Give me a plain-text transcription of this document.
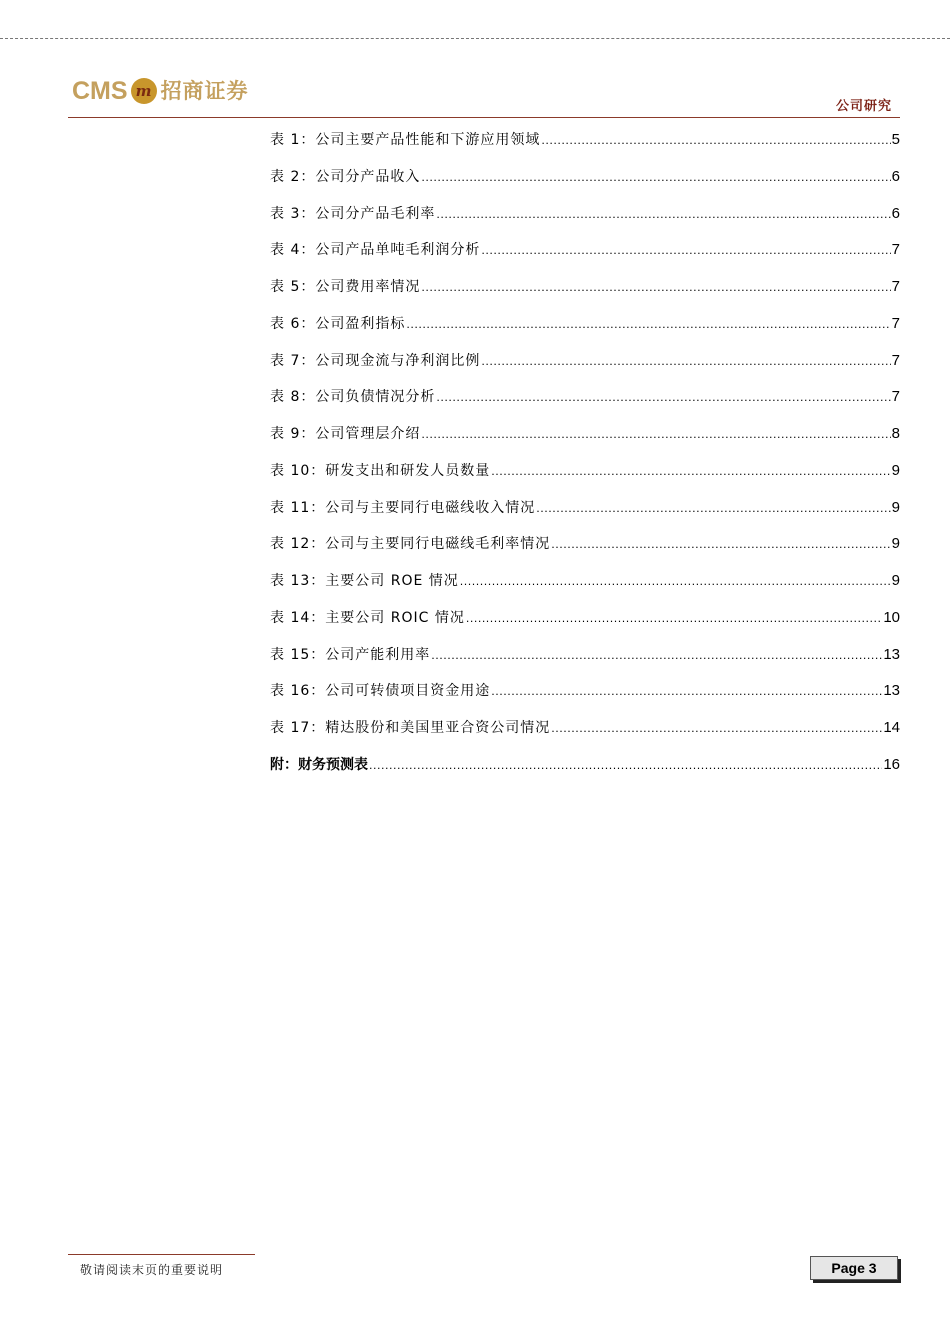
CMS m 招商证券
公司研究
表 1：公司主要产品性能和下游应用领域 .....	5
表 2：公司分产品收入 .....	6
表 3：公司分产品毛利率 .....	6
表 4：公司产品单吨毛利润分析 .....	7
表 5：公司费用率情况 .....	7
表 6：公司盈利指标 .....	7
表 7：公司现金流与净利润比例 .....	7
表 8：公司负债情况分析 .....	7
表 9：公司管理层介绍 .....	8
表 10：研发支出和研发人员数量 .....	9
表 11：公司与主要同行电磁线收入情况 .....	9
表 12：公司与主要同行电磁线毛利率情况 .....	9
表 13：主要公司 ROE 情况 .....	9
表 14：主要公司 ROIC 情况 .....	10
表 15：公司产能利用率 .....	13
表 16：公司可转债项目资金用途 .....	13
表 17：精达股份和美国里亚合资公司情况 .....	14
附：财务预测表 .....	16
敬请阅读末页的重要说明	Page 3
